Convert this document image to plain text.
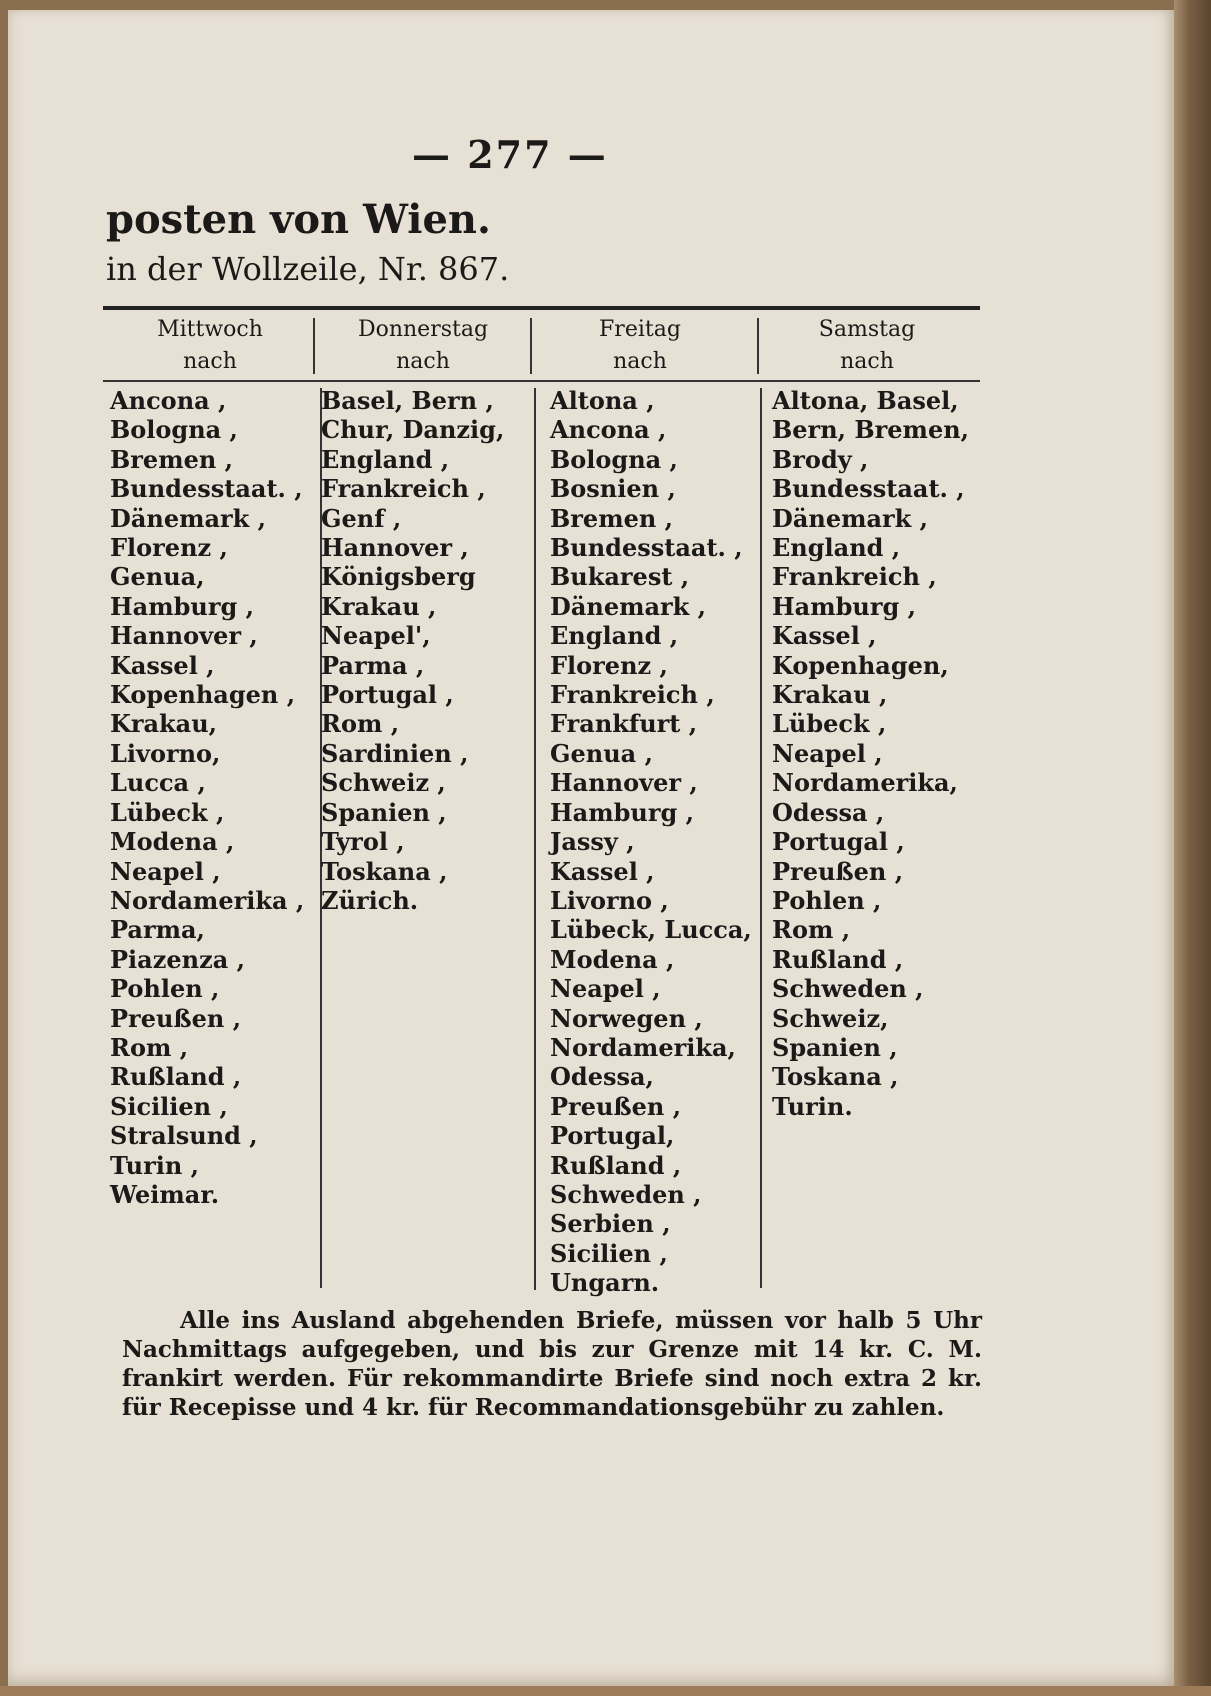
— 277 —
posten von Wien.
in der Wollzeile, Nr. 867.
Mittwoch
nach
Donnerstag
nach
Freitag
nach
Samstag
nach
Ancona ,
Bologna ,
Bremen ,
Bundesstaat. ,
Dänemark ,
Florenz ,
Genua,
Hamburg ,
Hannover ,
Kassel ,
Kopenhagen ,
Krakau,
Livorno,
Lucca ,
Lübeck ,
Modena ,
Neapel ,
Nordamerika ,
Parma,
Piazenza ,
Pohlen ,
Preußen ,
Rom ,
Rußland ,
Sicilien ,
Stralsund ,
Turin ,
Weimar.
Basel, Bern ,
Chur, Danzig,
England ,
Frankreich ,
Genf ,
Hannover ,
Königsberg
Krakau ,
Neapel',
Parma ,
Portugal ,
Rom ,
Sardinien ,
Schweiz ,
Spanien ,
Tyrol ,
Toskana ,
Zürich.
Altona ,
Ancona ,
Bologna ,
Bosnien ,
Bremen ,
Bundesstaat. ,
Bukarest ,
Dänemark ,
England ,
Florenz ,
Frankreich ,
Frankfurt ,
Genua ,
Hannover ,
Hamburg ,
Jassy ,
Kassel ,
Livorno ,
Lübeck, Lucca,
Modena ,
Neapel ,
Norwegen ,
Nordamerika,
Odessa,
Preußen ,
Portugal,
Rußland ,
Schweden ,
Serbien ,
Sicilien ,
Ungarn.
Altona, Basel,
Bern, Bremen,
Brody ,
Bundesstaat. ,
Dänemark ,
England ,
Frankreich ,
Hamburg ,
Kassel ,
Kopenhagen,
Krakau ,
Lübeck ,
Neapel ,
Nordamerika,
Odessa ,
Portugal ,
Preußen ,
Pohlen ,
Rom ,
Rußland ,
Schweden ,
Schweiz,
Spanien ,
Toskana ,
Turin.
Alle ins Ausland abgehenden Briefe, müssen vor halb 5 Uhr Nachmittags aufgegeben, und bis zur Grenze mit 14 kr. C. M. frankirt werden. Für rekommandirte Briefe sind noch extra 2 kr. für Recepisse und 4 kr. für Recommandationsgebühr zu zahlen.
